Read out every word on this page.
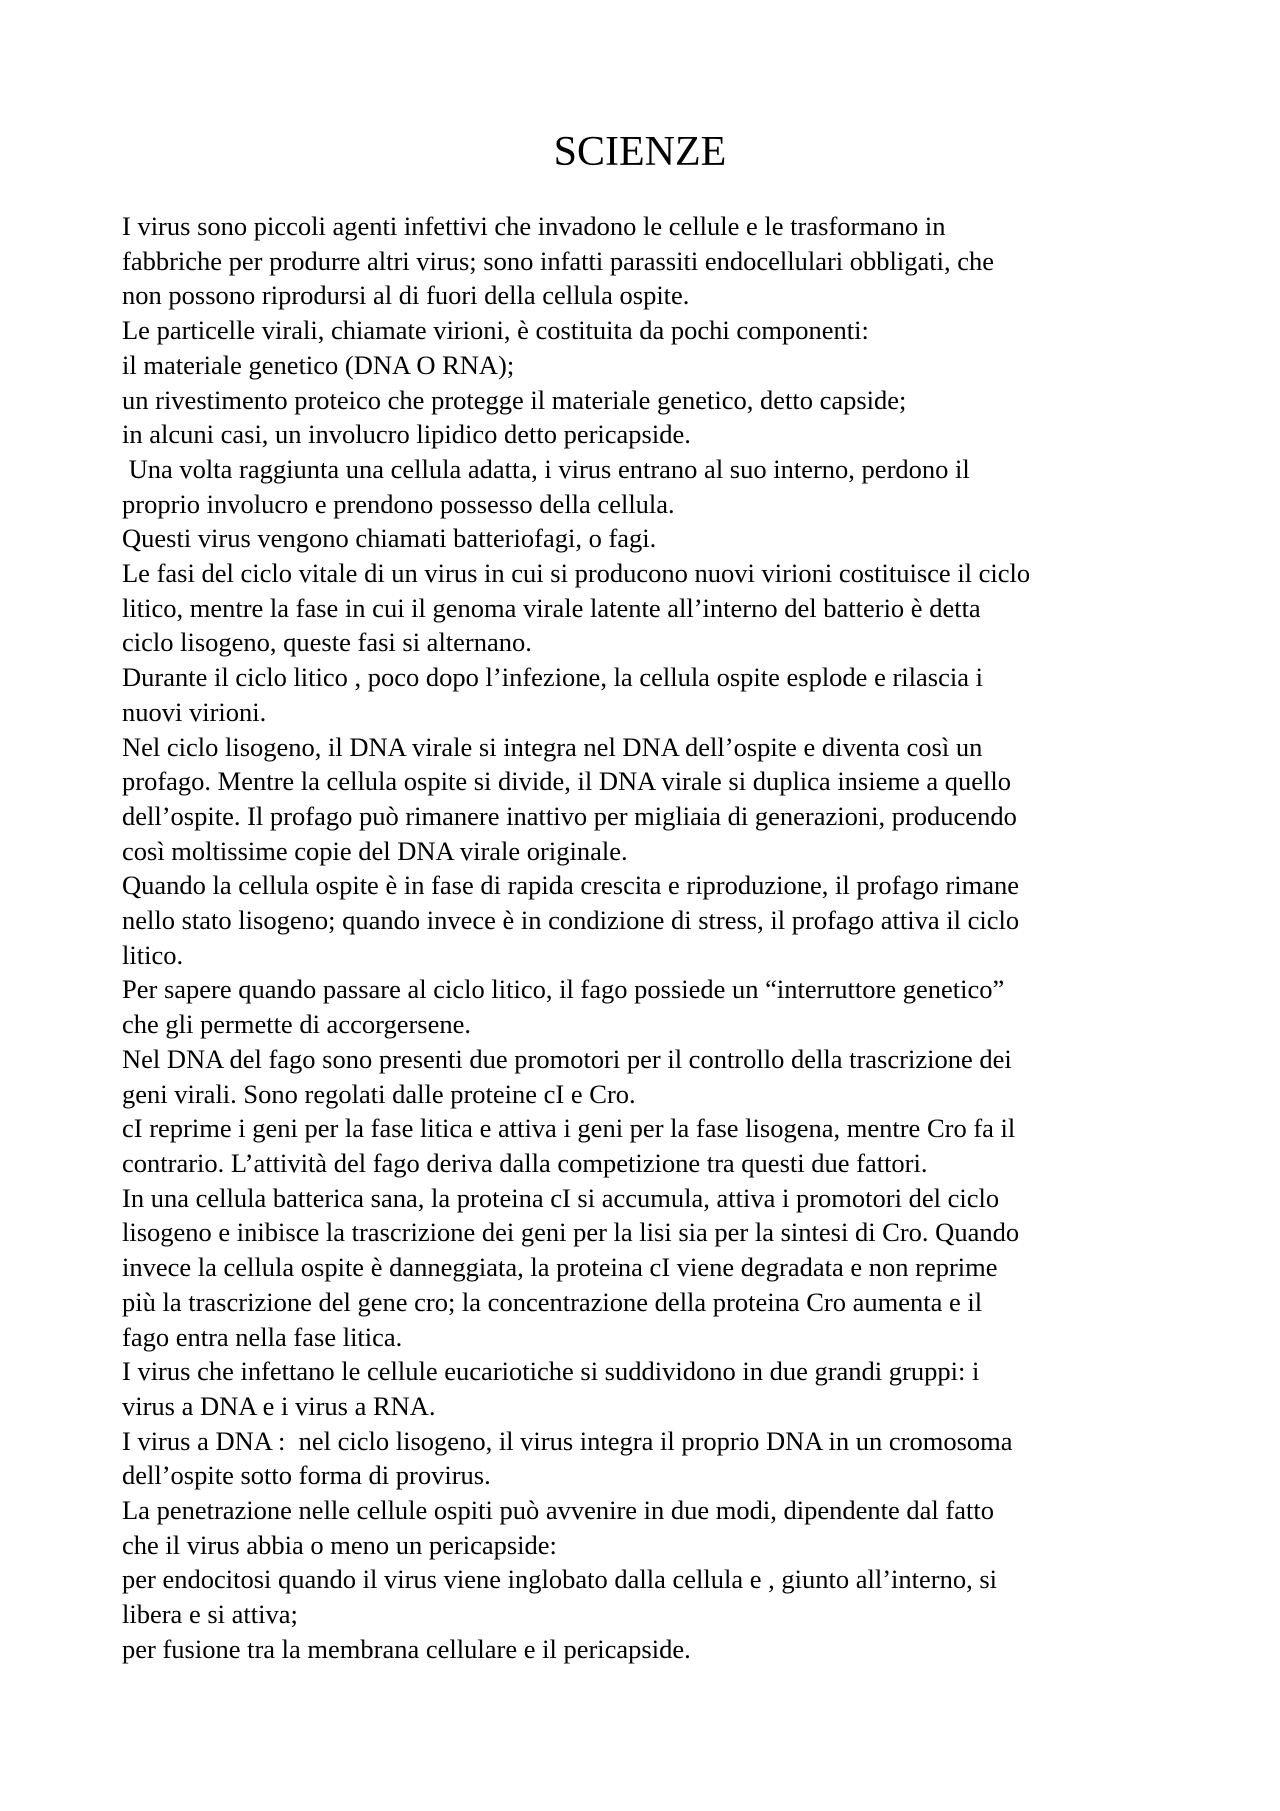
SCIENZE
I virus sono piccoli agenti infettivi che invadono le cellule e le trasformano in
fabbriche per produrre altri virus; sono infatti parassiti endocellulari obbligati, che
non possono riprodursi al di fuori della cellula ospite.
Le particelle virali, chiamate virioni, è costituita da pochi componenti:
il materiale genetico (DNA O RNA);
un rivestimento proteico che protegge il materiale genetico, detto capside;
in alcuni casi, un involucro lipidico detto pericapside.
Una volta raggiunta una cellula adatta, i virus entrano al suo interno, perdono il
proprio involucro e prendono possesso della cellula.
Questi virus vengono chiamati batteriofagi, o fagi.
Le fasi del ciclo vitale di un virus in cui si producono nuovi virioni costituisce il ciclo
litico, mentre la fase in cui il genoma virale latente all’interno del batterio è detta
ciclo lisogeno, queste fasi si alternano.
Durante il ciclo litico , poco dopo l’infezione, la cellula ospite esplode e rilascia i
nuovi virioni.
Nel ciclo lisogeno, il DNA virale si integra nel DNA dell’ospite e diventa così un
profago. Mentre la cellula ospite si divide, il DNA virale si duplica insieme a quello
dell’ospite. Il profago può rimanere inattivo per migliaia di generazioni, producendo
così moltissime copie del DNA virale originale.
Quando la cellula ospite è in fase di rapida crescita e riproduzione, il profago rimane
nello stato lisogeno; quando invece è in condizione di stress, il profago attiva il ciclo
litico.
Per sapere quando passare al ciclo litico, il fago possiede un “interruttore genetico”
che gli permette di accorgersene.
Nel DNA del fago sono presenti due promotori per il controllo della trascrizione dei
geni virali. Sono regolati dalle proteine cI e Cro.
cI reprime i geni per la fase litica e attiva i geni per la fase lisogena, mentre Cro fa il
contrario. L’attività del fago deriva dalla competizione tra questi due fattori.
In una cellula batterica sana, la proteina cI si accumula, attiva i promotori del ciclo
lisogeno e inibisce la trascrizione dei geni per la lisi sia per la sintesi di Cro. Quando
invece la cellula ospite è danneggiata, la proteina cI viene degradata e non reprime
più la trascrizione del gene cro; la concentrazione della proteina Cro aumenta e il
fago entra nella fase litica.
I virus che infettano le cellule eucariotiche si suddividono in due grandi gruppi: i
virus a DNA e i virus a RNA.
I virus a DNA :  nel ciclo lisogeno, il virus integra il proprio DNA in un cromosoma
dell’ospite sotto forma di provirus.
La penetrazione nelle cellule ospiti può avvenire in due modi, dipendente dal fatto
che il virus abbia o meno un pericapside:
per endocitosi quando il virus viene inglobato dalla cellula e , giunto all’interno, si
libera e si attiva;
per fusione tra la membrana cellulare e il pericapside.
